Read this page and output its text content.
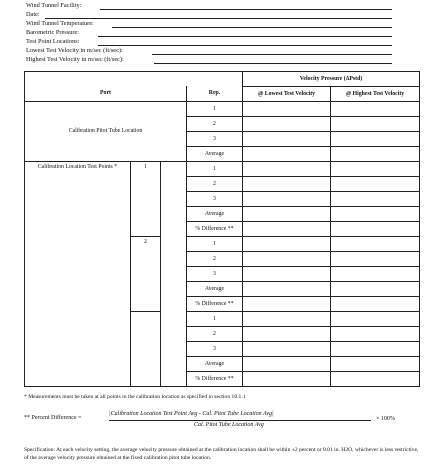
Wind Tunnel Facility:
Date:
Wind Tunnel Temperature:
Barometric Pressure:
Test Point Locations:
Lowest Test Velocity in m/sec (ft/sec):
Highest Test Velocity in m/sec (ft/sec):
				Velocity Pressure (ΔPstd)	
Port			Rep.	@ Lowest Test Velocity	@ Highest Test Velocity
Calibration Pitot Tube Location			1		
			2		
			3		
			Average		
Calibration Location Test Points *	1		1		
			2		
			3		
			Average		
			% Difference **		
	2		1		
			2		
			3		
			Average		
			% Difference **		
			1		
			2		
			3		
			Average		
			% Difference **		
* Measurements must be taken at all points in the calibration location as specified in section 10.1.1
** Percent Difference =
|Calibration Location Test Point Avg - Cal. Pitot Tube Location Avg|
Cal. Pitot Tube Location Avg
× 100%
Specification: At each velocity setting, the average velocity pressure obtained at the calibration location shall be within ±2 percent or 0.01 in. H2O, whichever is less restrictive, of the average velocity pressure obtained at the fixed calibration pitot tube location.
